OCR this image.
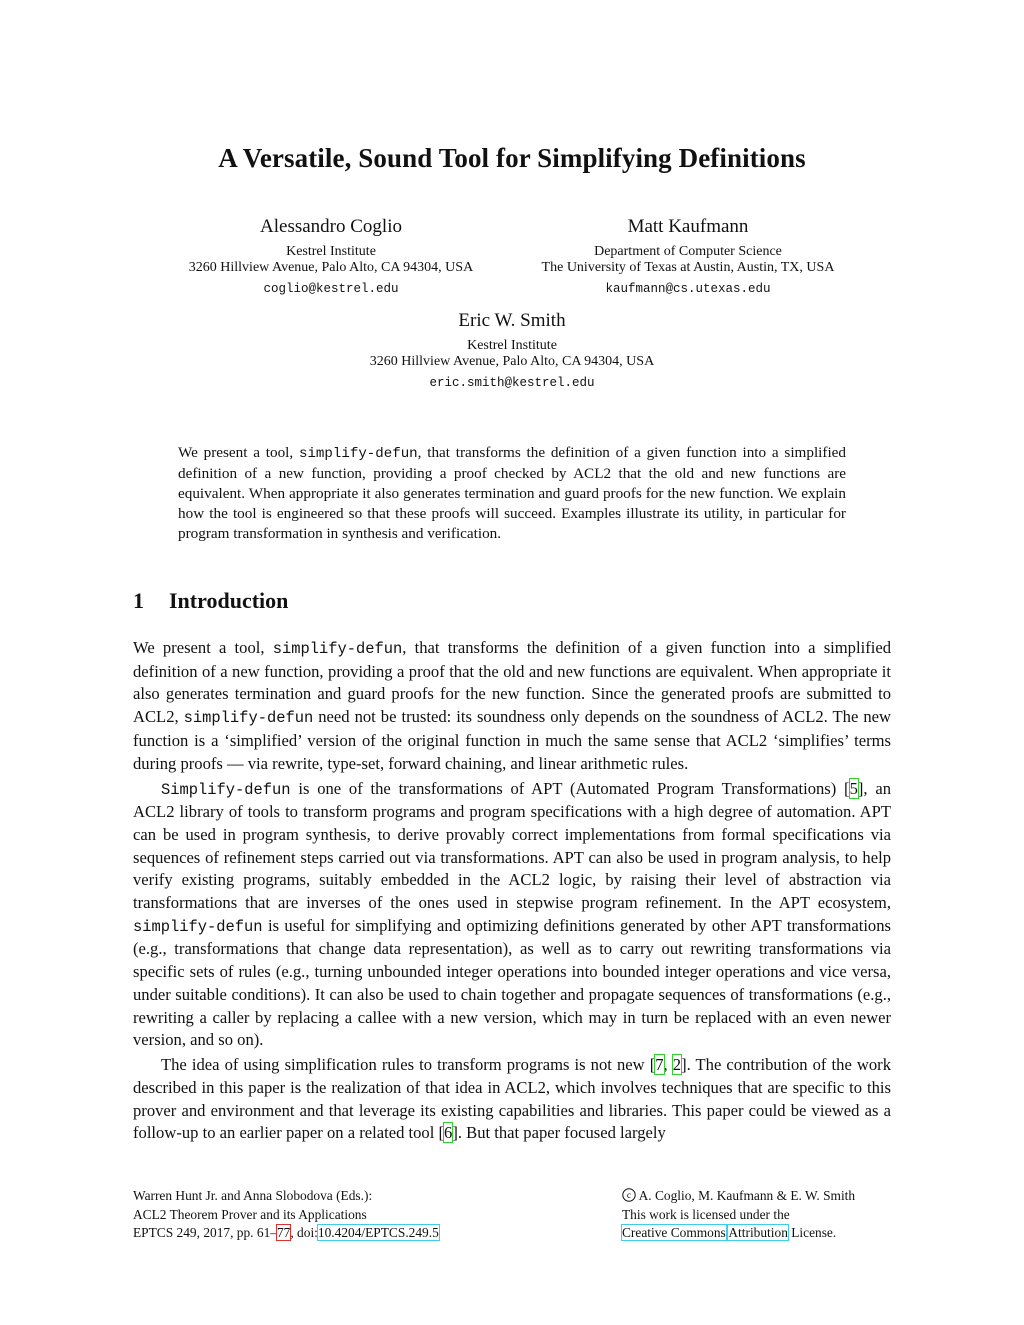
A Versatile, Sound Tool for Simplifying Definitions
Alessandro Coglio
Kestrel Institute
3260 Hillview Avenue, Palo Alto, CA 94304, USA
coglio@kestrel.edu
Matt Kaufmann
Department of Computer Science
The University of Texas at Austin, Austin, TX, USA
kaufmann@cs.utexas.edu
Eric W. Smith
Kestrel Institute
3260 Hillview Avenue, Palo Alto, CA 94304, USA
eric.smith@kestrel.edu
We present a tool, simplify-defun, that transforms the definition of a given function into a simplified definition of a new function, providing a proof checked by ACL2 that the old and new functions are equivalent. When appropriate it also generates termination and guard proofs for the new function. We explain how the tool is engineered so that these proofs will succeed. Examples illustrate its utility, in particular for program transformation in synthesis and verification.
1 Introduction

We present a tool, simplify-defun, that transforms the definition of a given function into a simplified definition of a new function, providing a proof that the old and new functions are equivalent. When appropriate it also generates termination and guard proofs for the new function. Since the generated proofs are submitted to ACL2, simplify-defun need not be trusted: its soundness only depends on the soundness of ACL2. The new function is a ‘simplified’ version of the original function in much the same sense that ACL2 ‘simplifies’ terms during proofs — via rewrite, type-set, forward chaining, and linear arithmetic rules.

Simplify-defun is one of the transformations of APT (Automated Program Transformations) [5], an ACL2 library of tools to transform programs and program specifications with a high degree of automation. APT can be used in program synthesis, to derive provably correct implementations from formal specifications via sequences of refinement steps carried out via transformations. APT can also be used in program analysis, to help verify existing programs, suitably embedded in the ACL2 logic, by raising their level of abstraction via transformations that are inverses of the ones used in stepwise program refinement. In the APT ecosystem, simplify-defun is useful for simplifying and optimizing definitions generated by other APT transformations (e.g., transformations that change data representation), as well as to carry out rewriting transformations via specific sets of rules (e.g., turning unbounded integer operations into bounded integer operations and vice versa, under suitable conditions). It can also be used to chain together and propagate sequences of transformations (e.g., rewriting a caller by replacing a callee with a new version, which may in turn be replaced with an even newer version, and so on).

The idea of using simplification rules to transform programs is not new [7, 2]. The contribution of the work described in this paper is the realization of that idea in ACL2, which involves techniques that are specific to this prover and environment and that leverage its existing capabilities and libraries. This paper could be viewed as a follow-up to an earlier paper on a related tool [6]. But that paper focused largely

Warren Hunt Jr. and Anna Slobodova (Eds.):
ACL2 Theorem Prover and its Applications
EPTCS 249, 2017, pp. 61–77, doi:10.4204/EPTCS.249.5
c A. Coglio, M. Kaufmann & E. W. Smith
This work is licensed under the
Creative Commons Attribution License.
